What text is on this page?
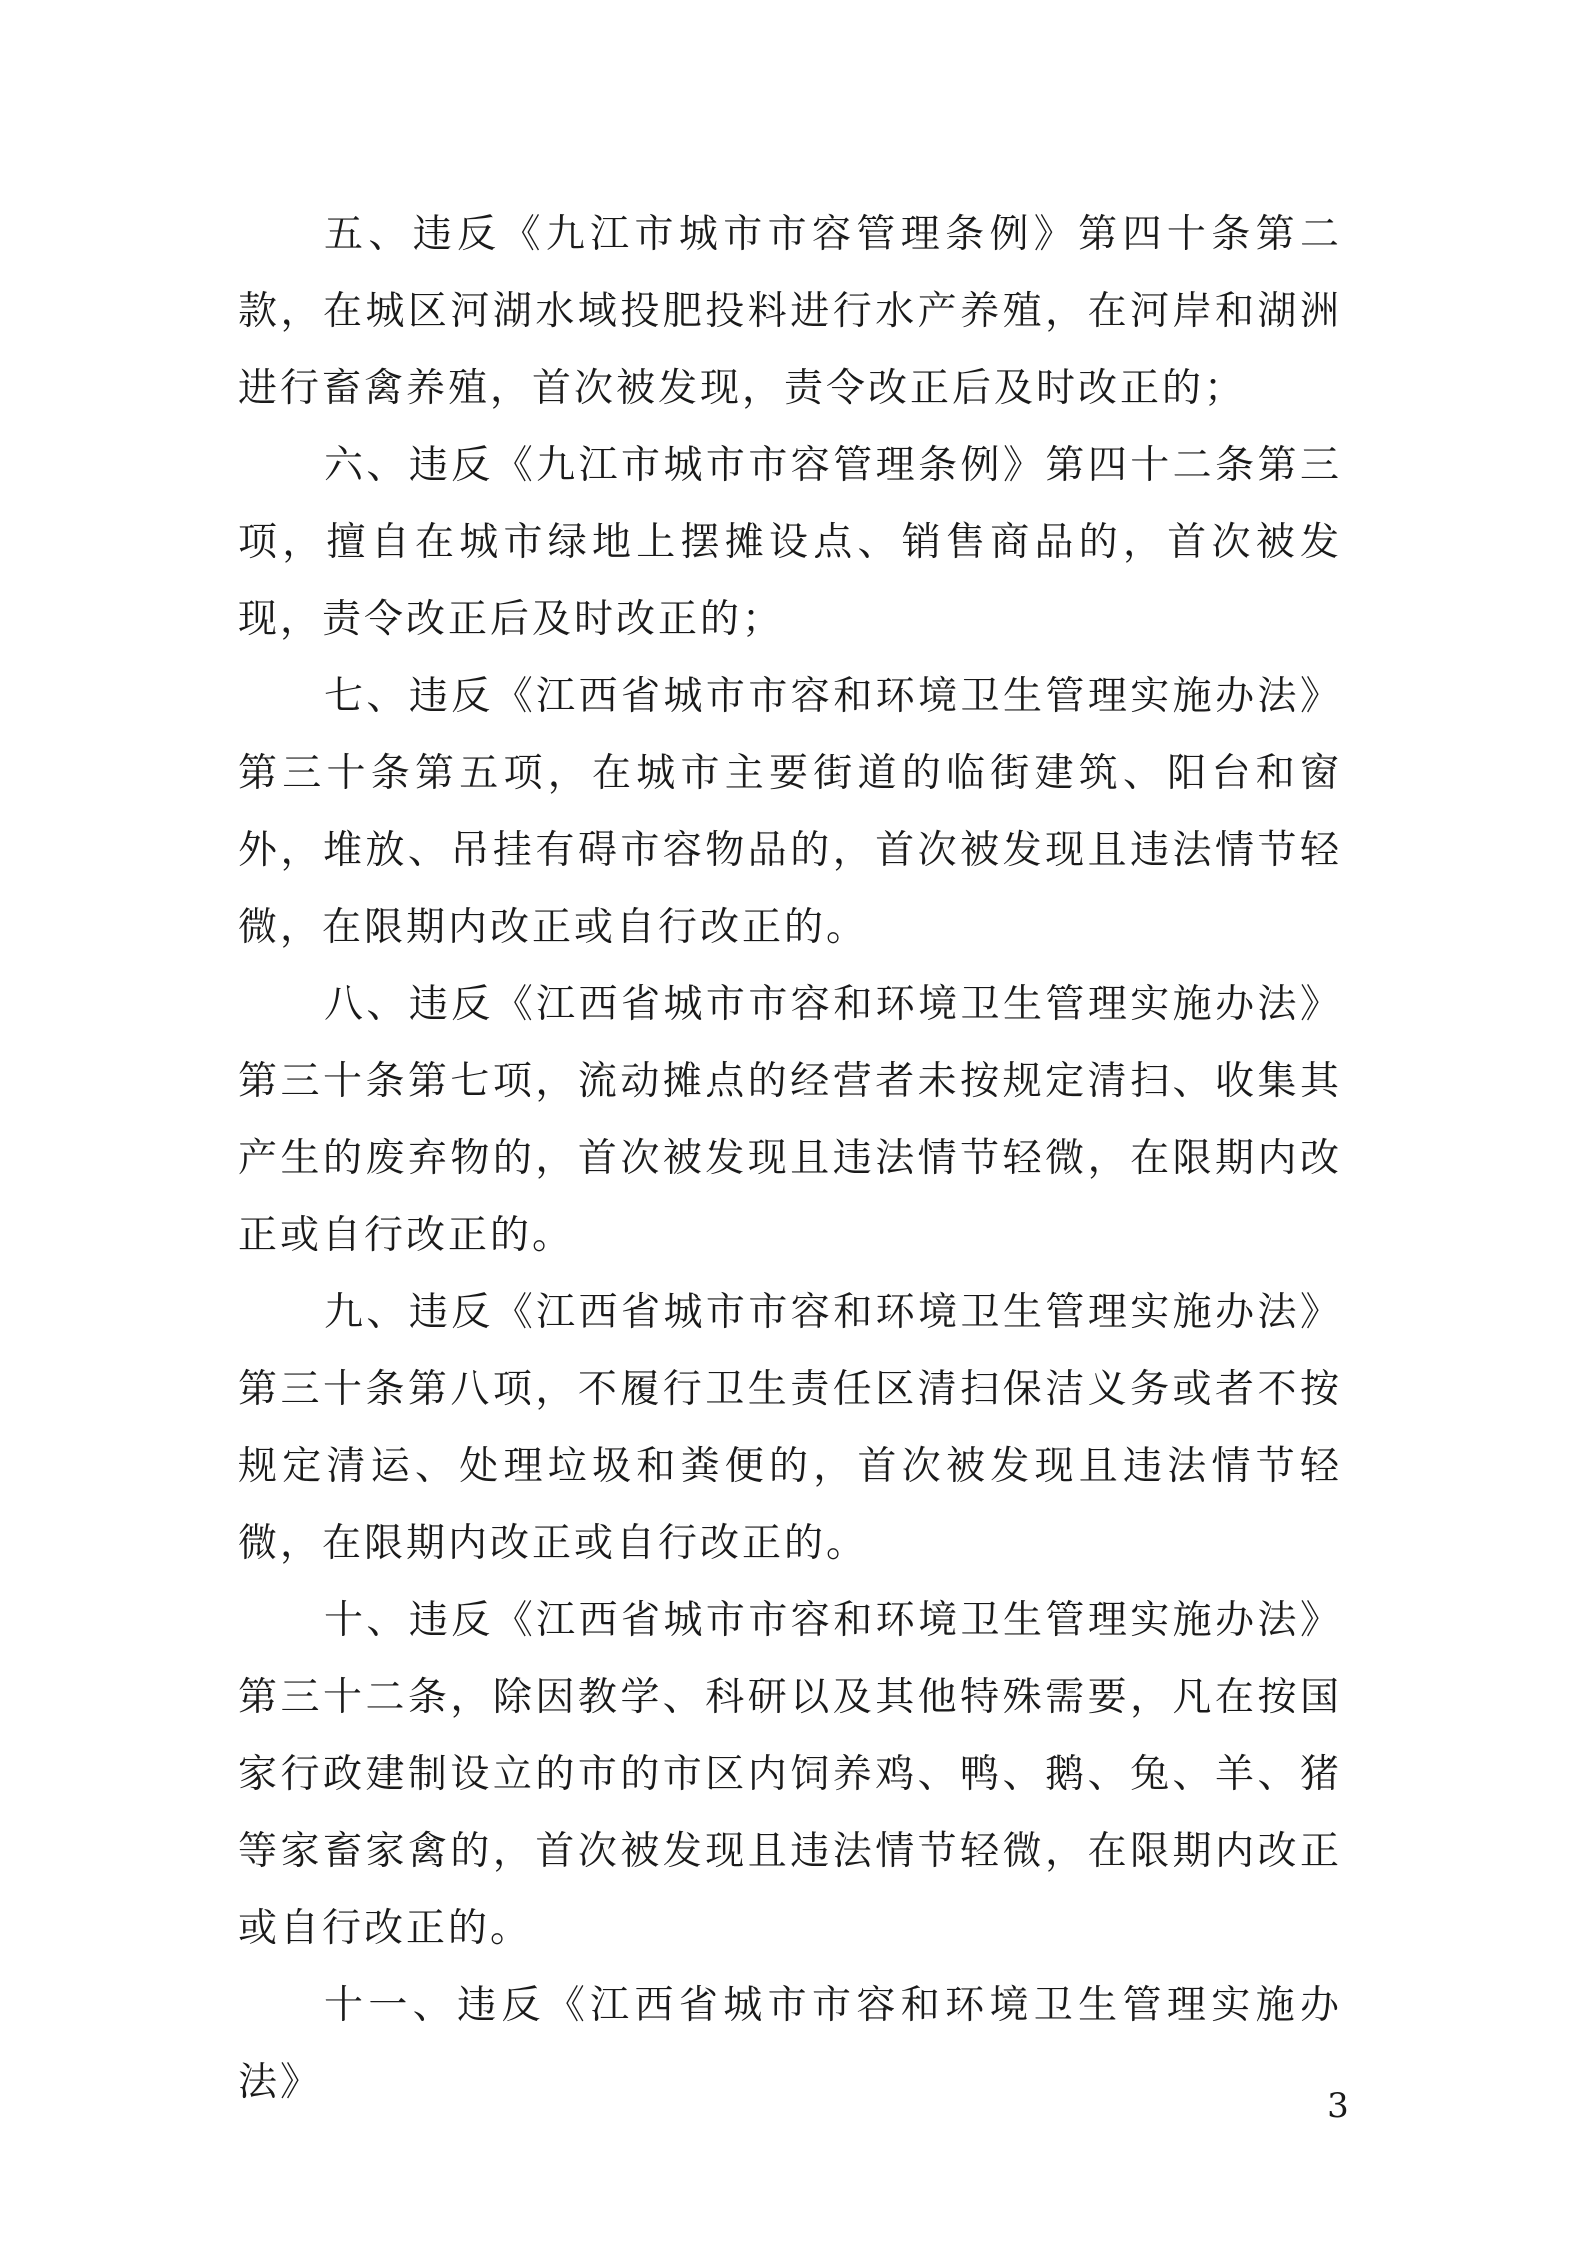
五、违反《九江市城市市容管理条例》第四十条第二款，在城区河湖水域投肥投料进行水产养殖，在河岸和湖洲进行畜禽养殖，首次被发现，责令改正后及时改正的；

六、违反《九江市城市市容管理条例》第四十二条第三项，擅自在城市绿地上摆摊设点、销售商品的，首次被发现，责令改正后及时改正的；

七、违反《江西省城市市容和环境卫生管理实施办法》第三十条第五项，在城市主要街道的临街建筑、阳台和窗外，堆放、吊挂有碍市容物品的，首次被发现且违法情节轻微，在限期内改正或自行改正的。

八、违反《江西省城市市容和环境卫生管理实施办法》第三十条第七项，流动摊点的经营者未按规定清扫、收集其产生的废弃物的，首次被发现且违法情节轻微，在限期内改正或自行改正的。

九、违反《江西省城市市容和环境卫生管理实施办法》第三十条第八项，不履行卫生责任区清扫保洁义务或者不按规定清运、处理垃圾和粪便的，首次被发现且违法情节轻微，在限期内改正或自行改正的。

十、违反《江西省城市市容和环境卫生管理实施办法》第三十二条，除因教学、科研以及其他特殊需要，凡在按国家行政建制设立的市的市区内饲养鸡、鸭、鹅、兔、羊、猪等家畜家禽的，首次被发现且违法情节轻微，在限期内改正或自行改正的。

十一、违反《江西省城市市容和环境卫生管理实施办法》

3
